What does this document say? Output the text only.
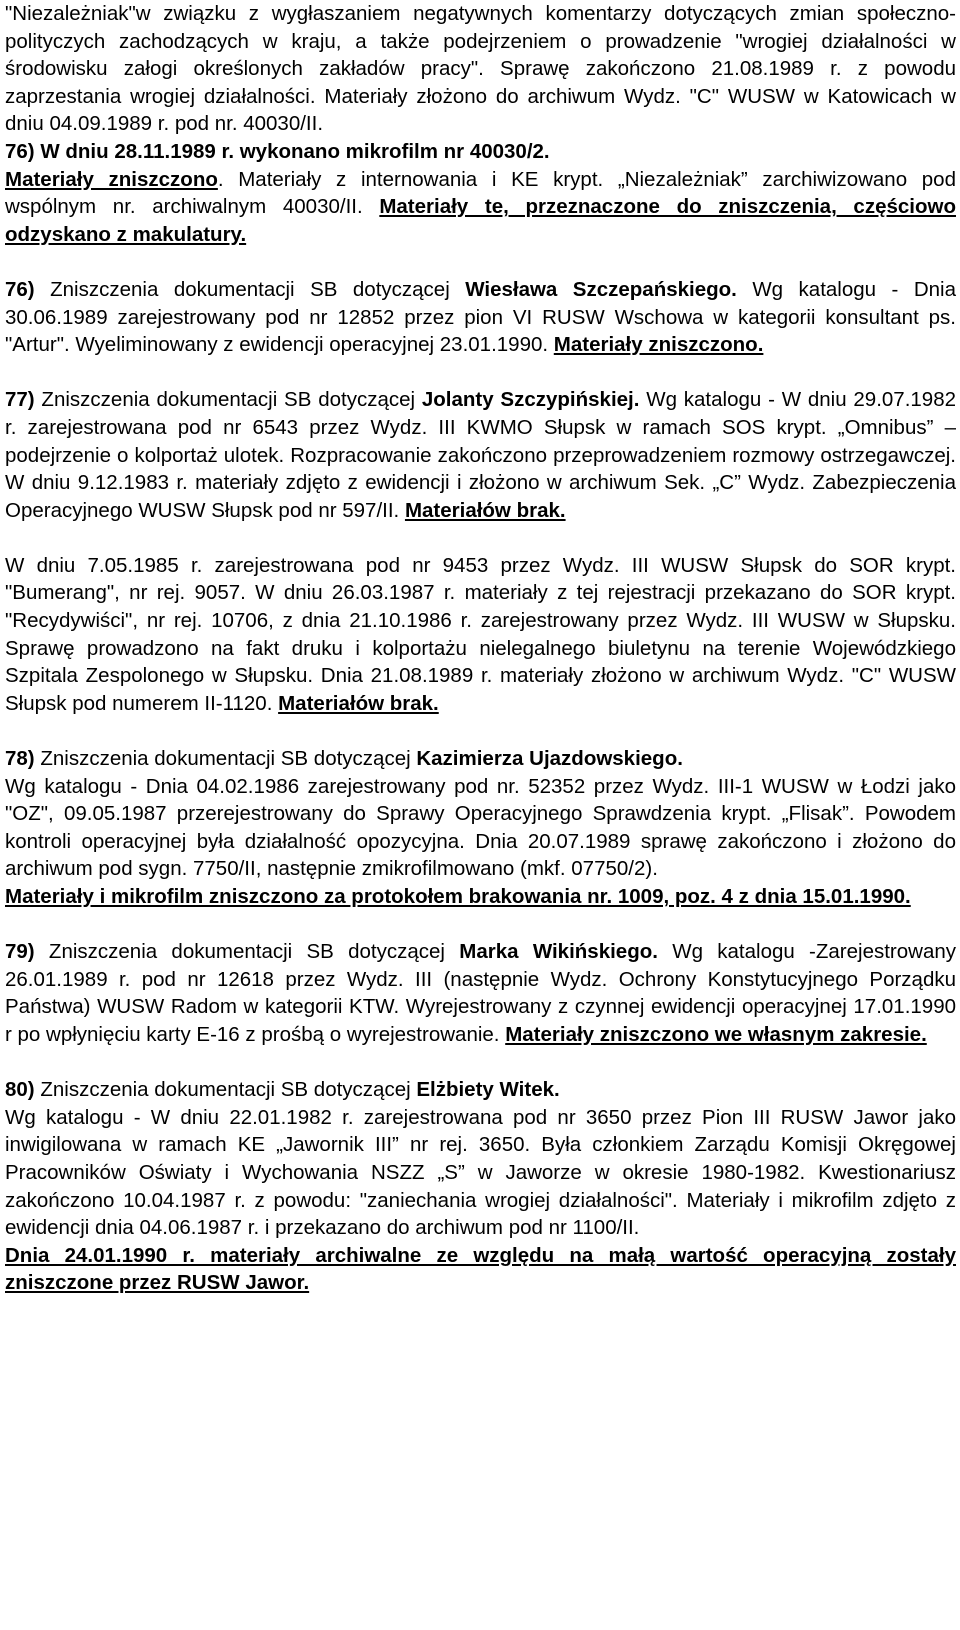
"Niezależniak"w związku z wygłaszaniem negatywnych komentarzy dotyczących zmian społeczno-polityczych zachodzących w kraju, a także podejrzeniem o prowadzenie "wrogiej działalności w środowisku załogi określonych zakładów pracy". Sprawę zakończono 21.08.1989 r. z powodu zaprzestania wrogiej działalności. Materiały złożono do archiwum Wydz. "C" WUSW w Katowicach w dniu 04.09.1989 r. pod nr. 40030/II.

76) W dniu 28.11.1989 r. wykonano mikrofilm nr 40030/2.
Materiały zniszczono. Materiały z internowania i KE krypt. „Niezależniak” zarchiwizowano pod wspólnym nr. archiwalnym 40030/II. Materiały te, przeznaczone do zniszczenia, częściowo odzyskano z makulatury.

76) Zniszczenia dokumentacji SB dotyczącej Wiesława Szczepańskiego. Wg katalogu - Dnia 30.06.1989 zarejestrowany pod nr 12852 przez pion VI RUSW Wschowa w kategorii konsultant ps. "Artur". Wyeliminowany z ewidencji operacyjnej 23.01.1990. Materiały zniszczono.

77) Zniszczenia dokumentacji SB dotyczącej Jolanty Szczypińskiej. Wg katalogu - W dniu 29.07.1982 r. zarejestrowana pod nr 6543 przez Wydz. III KWMO Słupsk w ramach SOS krypt. „Omnibus” – podejrzenie o kolportaż ulotek. Rozpracowanie zakończono przeprowadzeniem rozmowy ostrzegawczej. W dniu 9.12.1983 r. materiały zdjęto z ewidencji i złożono w archiwum Sek. „C” Wydz. Zabezpieczenia Operacyjnego WUSW Słupsk pod nr 597/II. Materiałów brak.

W dniu 7.05.1985 r. zarejestrowana pod nr 9453 przez Wydz. III WUSW Słupsk do SOR krypt. "Bumerang", nr rej. 9057. W dniu 26.03.1987 r. materiały z tej rejestracji przekazano do SOR krypt. "Recydywiści", nr rej. 10706, z dnia 21.10.1986 r. zarejestrowany przez Wydz. III WUSW w Słupsku. Sprawę prowadzono na fakt druku i kolportażu nielegalnego biuletynu na terenie Wojewódzkiego Szpitala Zespolonego w Słupsku. Dnia 21.08.1989 r. materiały złożono w archiwum Wydz. "C" WUSW Słupsk pod numerem II-1120. Materiałów brak.

78) Zniszczenia dokumentacji SB dotyczącej Kazimierza Ujazdowskiego.
Wg katalogu - Dnia 04.02.1986 zarejestrowany pod nr. 52352 przez Wydz. III-1 WUSW w Łodzi jako "OZ", 09.05.1987 przerejestrowany do Sprawy Operacyjnego Sprawdzenia krypt. „Flisak”. Powodem kontroli operacyjnej była działalność opozycyjna. Dnia 20.07.1989 sprawę zakończono i złożono do archiwum pod sygn. 7750/II, następnie zmikrofilmowano (mkf. 07750/2).
Materiały i mikrofilm zniszczono za protokołem brakowania nr. 1009, poz. 4 z dnia 15.01.1990.

79) Zniszczenia dokumentacji SB dotyczącej Marka Wikińskiego. Wg katalogu -Zarejestrowany 26.01.1989 r. pod nr 12618 przez Wydz. III (następnie Wydz. Ochrony Konstytucyjnego Porządku Państwa) WUSW Radom w kategorii KTW. Wyrejestrowany z czynnej ewidencji operacyjnej 17.01.1990 r po wpłynięciu karty E-16 z prośbą o wyrejestrowanie. Materiały zniszczono we własnym zakresie.

80) Zniszczenia dokumentacji SB dotyczącej Elżbiety Witek.
Wg katalogu - W dniu 22.01.1982 r. zarejestrowana pod nr 3650 przez Pion III RUSW Jawor jako inwigilowana w ramach KE „Jawornik III” nr rej. 3650. Była członkiem Zarządu Komisji Okręgowej Pracowników Oświaty i Wychowania NSZZ „S” w Jaworze w okresie 1980-1982. Kwestionariusz zakończono 10.04.1987 r. z powodu: "zaniechania wrogiej działalności". Materiały i mikrofilm zdjęto z ewidencji dnia 04.06.1987 r. i przekazano do archiwum pod nr 1100/II.
Dnia 24.01.1990 r. materiały archiwalne ze względu na małą wartość operacyjną zostały zniszczone przez RUSW Jawor.
